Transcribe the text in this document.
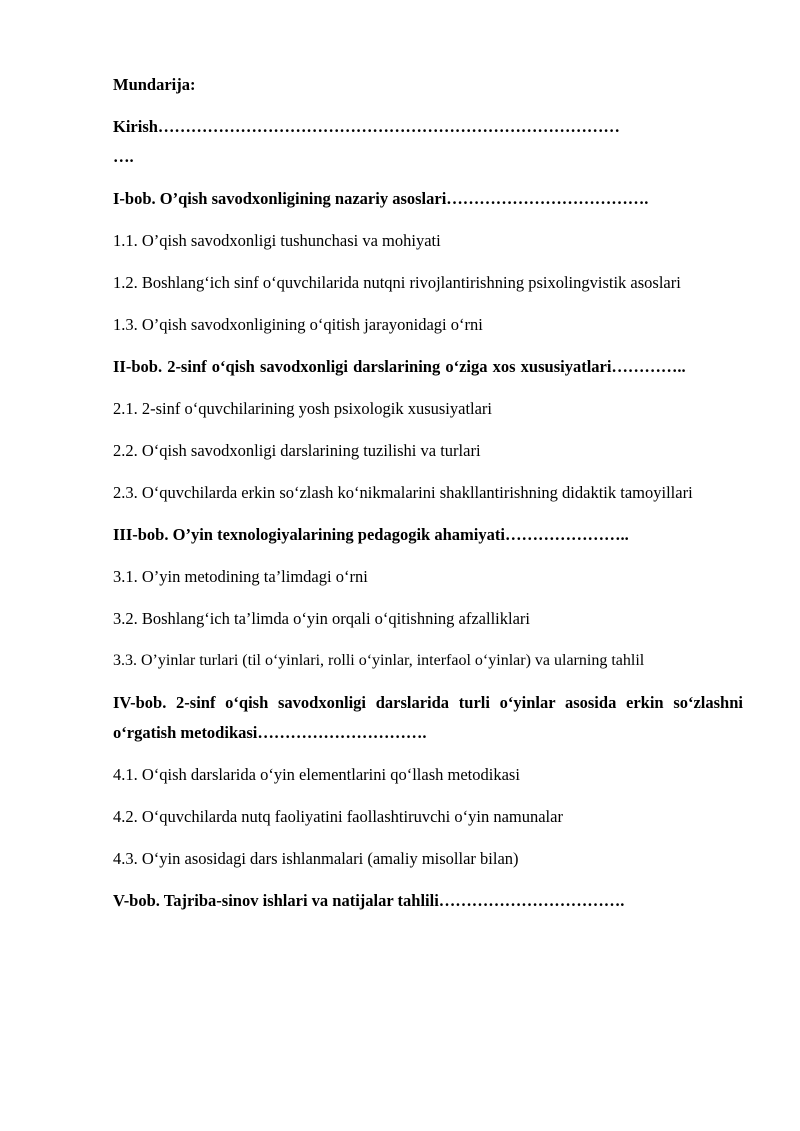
Mundarija:

Kirish…………………………………………………………………………

….

I-bob. O’qish savodxonligining nazariy asoslari……………………………….

1.1. O’qish savodxonligi tushunchasi va mohiyati

1.2. Boshlang‘ich sinf o‘quvchilarida nutqni rivojlantirishning psixolingvistik asoslari

1.3. O’qish savodxonligining o‘qitish jarayonidagi o‘rni

II-bob. 2-sinf o‘qish savodxonligi darslarining o‘ziga xos xususiyatlari…………..

2.1. 2-sinf o‘quvchilarining yosh psixologik xususiyatlari

2.2. O‘qish savodxonligi darslarining tuzilishi va turlari

2.3. O‘quvchilarda erkin so‘zlash ko‘nikmalarini shakllantirishning didaktik tamoyillari

III-bob. O’yin texnologiyalarining pedagogik ahamiyati…………………..

3.1. O’yin metodining ta’limdagi o‘rni

3.2. Boshlang‘ich ta’limda o‘yin orqali o‘qitishning afzalliklari

3.3. O’yinlar turlari (til o‘yinlari, rolli o‘yinlar, interfaol o‘yinlar) va ularning tahlil

IV-bob. 2-sinf o‘qish savodxonligi darslarida turli o‘yinlar asosida erkin so‘zlashni o‘rgatish metodikasi………………………….

4.1. O‘qish darslarida o‘yin elementlarini qo‘llash metodikasi

4.2. O‘quvchilarda nutq faoliyatini faollashtiruvchi o‘yin namunalar

4.3. O‘yin asosidagi dars ishlanmalari (amaliy misollar bilan)

V-bob. Tajriba-sinov ishlari va natijalar tahlili…………………………….
